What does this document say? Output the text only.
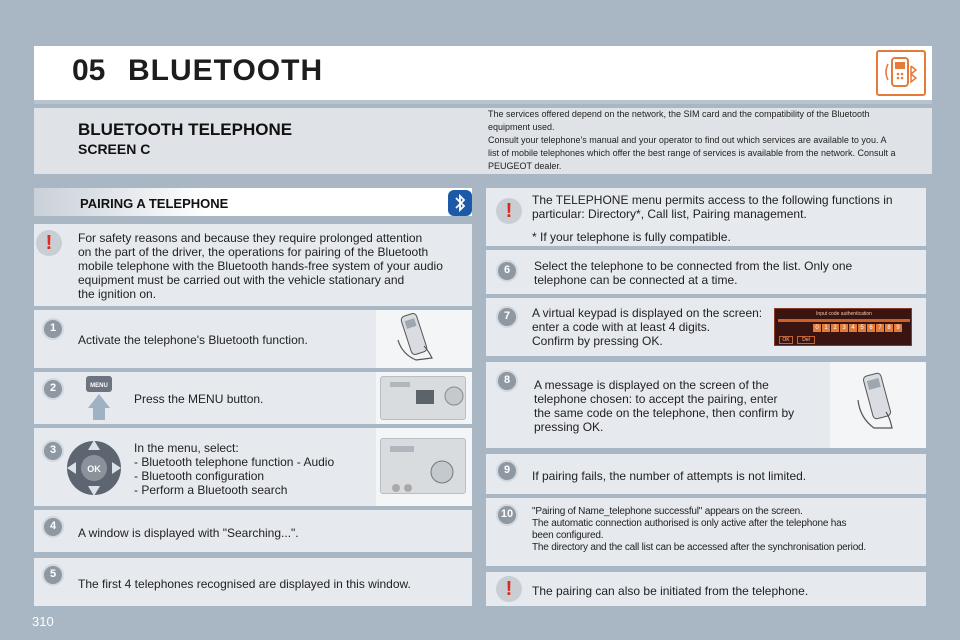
05 BLUETOOTH
BLUETOOTH TELEPHONE
SCREEN C
The services offered depend on the network, the SIM card and the compatibility of the Bluetooth
equipment used.
Consult your telephone's manual and your operator to find out which services are available to you. A
list of mobile telephones which offer the best range of services is available from the network. Consult a
PEUGEOT dealer.
PAIRING A TELEPHONE
!	For safety reasons and because they require prolonged attention
on the part of the driver, the operations for pairing of the Bluetooth
mobile telephone with the Bluetooth hands-free system of your audio
equipment must be carried out with the vehicle stationary and
the ignition on.
1
Activate the telephone's Bluetooth function.
2	MENU
Press the MENU button.
3
OK
In the menu, select:
- Bluetooth telephone function - Audio
- Bluetooth configuration
- Perform a Bluetooth search
4	A window is displayed with "Searching...".
5
The first 4 telephones recognised are displayed in this window.
!	The TELEPHONE menu permits access to the following functions in
particular: Directory*, Call list, Pairing management.
* If your telephone is fully compatible.
6	Select the telephone to be connected from the list. Only one
telephone can be connected at a time.
7	A virtual keypad is displayed on the screen:
enter a code with at least 4 digits.
Confirm by pressing OK.
Input code authentication
0 1 2 3 4 5 6 7 8 9
OK	Del
8	A message is displayed on the screen of the
telephone chosen: to accept the pairing, enter
the same code on the telephone, then confirm by
pressing OK.
9	If pairing fails, the number of attempts is not limited.
10 "Pairing of Name_telephone successful" appears on the screen.
The automatic connection authorised is only active after the telephone has
been configured.
The directory and the call list can be accessed after the synchronisation period.
!	The pairing can also be initiated from the telephone.
310
